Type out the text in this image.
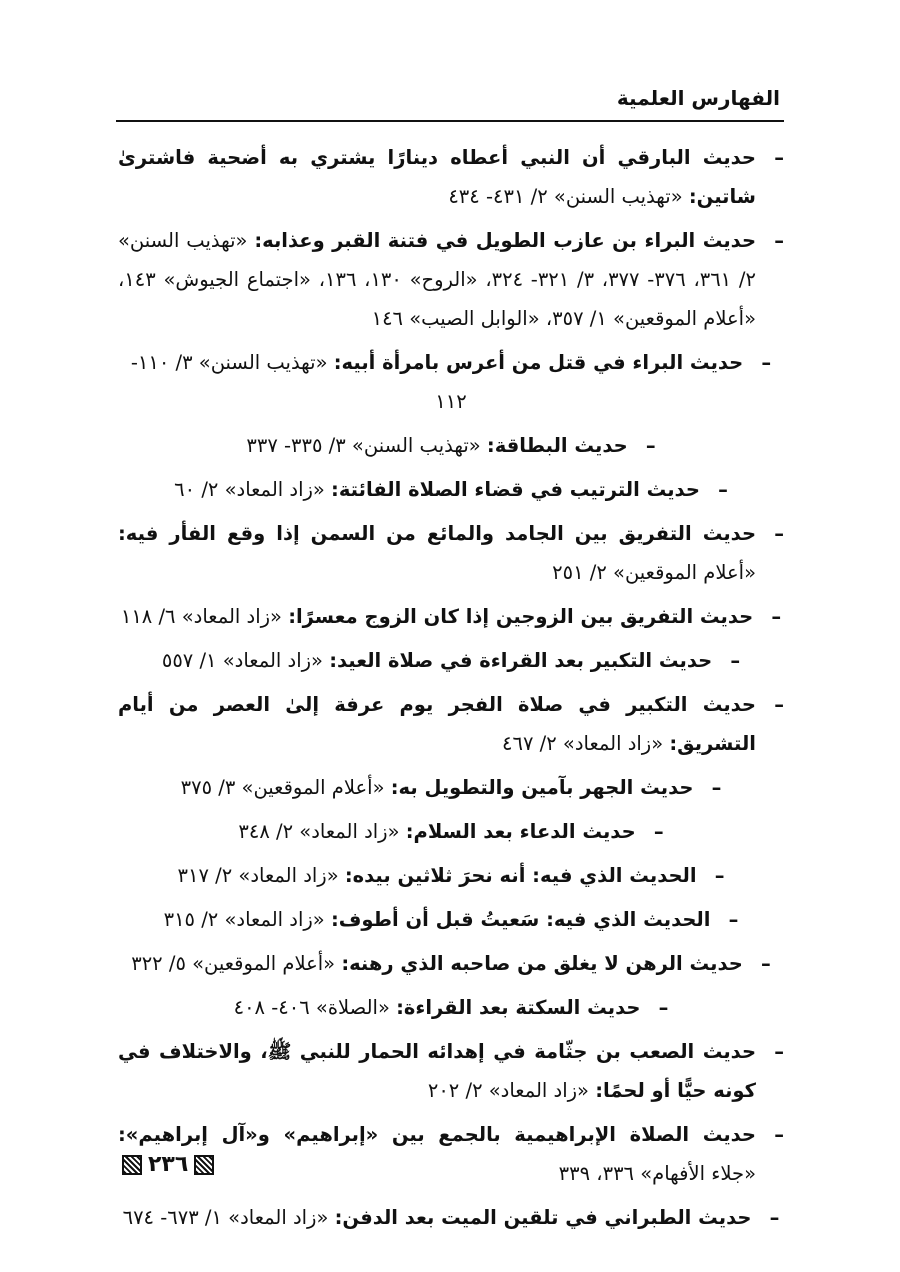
الفهارس العلمية
–
حديث البارقي أن النبي أعطاه دينارًا يشتري به أضحية فاشترىٰ شاتين: «تهذيب السنن» ٢/ ٤٣١- ٤٣٤
–
حديث البراء بن عازب الطويل في فتنة القبر وعذابه: «تهذيب السنن» ٢/ ٣٦١، ٣٧٦- ٣٧٧، ٣/ ٣٢١- ٣٢٤، «الروح» ١٣٠، ١٣٦، «اجتماع الجيوش» ١٤٣، «أعلام الموقعين» ١/ ٣٥٧، «الوابل الصيب» ١٤٦
– حديث البراء في قتل من أعرس بامرأة أبيه: «تهذيب السنن» ٣/ ١١٠- ١١٢
– حديث البطاقة: «تهذيب السنن» ٣/ ٣٣٥- ٣٣٧
– حديث الترتيب في قضاء الصلاة الفائتة: «زاد المعاد» ٢/ ٦٠
–
حديث التفريق بين الجامد والمائع من السمن إذا وقع الفأر فيه: «أعلام الموقعين» ٢/ ٢٥١
– حديث التفريق بين الزوجين إذا كان الزوج معسرًا: «زاد المعاد» ٦/ ١١٨
– حديث التكبير بعد القراءة في صلاة العيد: «زاد المعاد» ١/ ٥٥٧
–
حديث التكبير في صلاة الفجر يوم عرفة إلىٰ العصر من أيام التشريق: «زاد المعاد» ٢/ ٤٦٧
– حديث الجهر بآمين والتطويل به: «أعلام الموقعين» ٣/ ٣٧٥
– حديث الدعاء بعد السلام: «زاد المعاد» ٢/ ٣٤٨
– الحديث الذي فيه: أنه نحرَ ثلاثين بيده: «زاد المعاد» ٢/ ٣١٧
– الحديث الذي فيه: سَعيتُ قبل أن أطوف: «زاد المعاد» ٢/ ٣١٥
– حديث الرهن لا يغلق من صاحبه الذي رهنه: «أعلام الموقعين» ٥/ ٣٢٢
– حديث السكتة بعد القراءة: «الصلاة» ٤٠٦- ٤٠٨
–
حديث الصعب بن جثّامة في إهدائه الحمار للنبي ﷺ، والاختلاف في كونه حيًّا أو لحمًا: «زاد المعاد» ٢/ ٢٠٢
–
حديث الصلاة الإبراهيمية بالجمع بين «إبراهيم» و«آل إبراهيم»: «جلاء الأفهام» ٣٣٦، ٣٣٩
– حديث الطبراني في تلقين الميت بعد الدفن: «زاد المعاد» ١/ ٦٧٣- ٦٧٤
٢٣٦
